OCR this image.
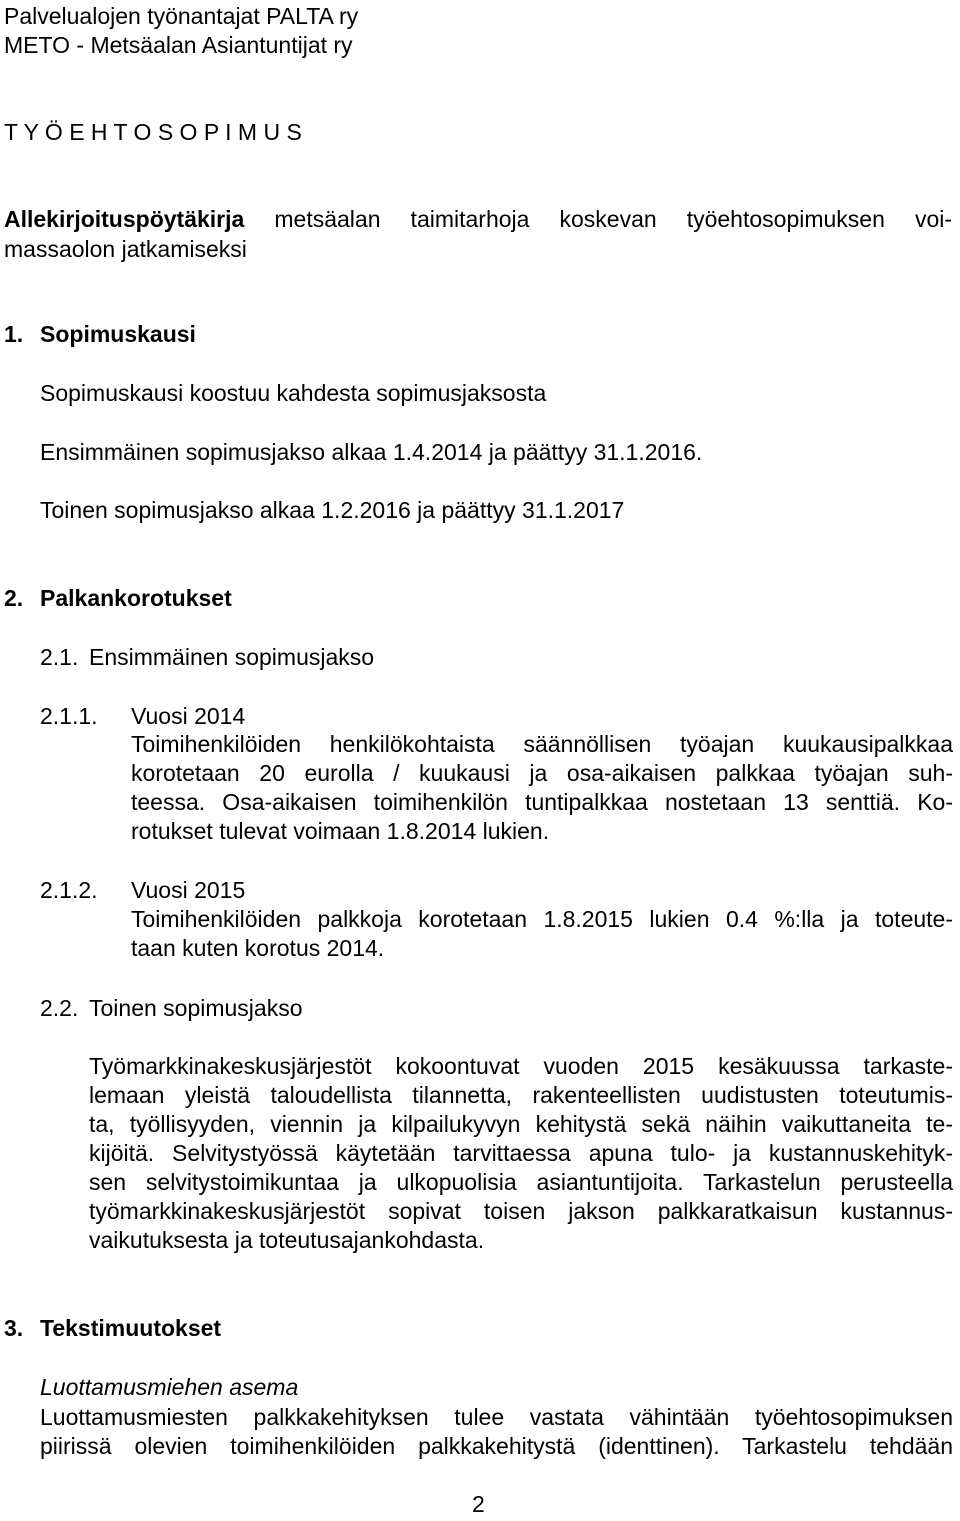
Palvelualojen työnantajat PALTA ry
METO - Metsäalan Asiantuntijat ry
T Y Ö E H T O S O P I M U S
Allekirjoituspöytäkirja metsäalan taimitarhoja koskevan työehtosopimuksen voi-
massaolon jatkamiseksi
1. Sopimuskausi
Sopimuskausi koostuu kahdesta sopimusjaksosta
Ensimmäinen sopimusjakso alkaa 1.4.2014 ja päättyy 31.1.2016.
Toinen sopimusjakso alkaa 1.2.2016 ja päättyy 31.1.2017
2. Palkankorotukset
2.1. Ensimmäinen sopimusjakso
2.1.1. Vuosi 2014
Toimihenkilöiden henkilökohtaista säännöllisen työajan kuukausipalkkaa
korotetaan 20 eurolla / kuukausi ja osa-aikaisen palkkaa työajan suh-
teessa. Osa-aikaisen toimihenkilön tuntipalkkaa nostetaan 13 senttiä. Ko-
rotukset tulevat voimaan 1.8.2014 lukien.
2.1.2. Vuosi 2015
Toimihenkilöiden palkkoja korotetaan 1.8.2015 lukien 0.4 %:lla ja toteute-
taan kuten korotus 2014.
2.2. Toinen sopimusjakso
Työmarkkinakeskusjärjestöt kokoontuvat vuoden 2015 kesäkuussa tarkaste-
lemaan yleistä taloudellista tilannetta, rakenteellisten uudistusten toteutumis-
ta, työllisyyden, viennin ja kilpailukyvyn kehitystä sekä näihin vaikuttaneita te-
kijöitä. Selvitystyössä käytetään tarvittaessa apuna tulo- ja kustannuskehityk-
sen selvitystoimikuntaa ja ulkopuolisia asiantuntijoita. Tarkastelun perusteella
työmarkkinakeskusjärjestöt sopivat toisen jakson palkkaratkaisun kustannus-
vaikutuksesta ja toteutusajankohdasta.
3. Tekstimuutokset
Luottamusmiehen asema
Luottamusmiesten palkkakehityksen tulee vastata vähintään työehtosopimuksen
piirissä olevien toimihenkilöiden palkkakehitystä (identtinen). Tarkastelu tehdään
2
